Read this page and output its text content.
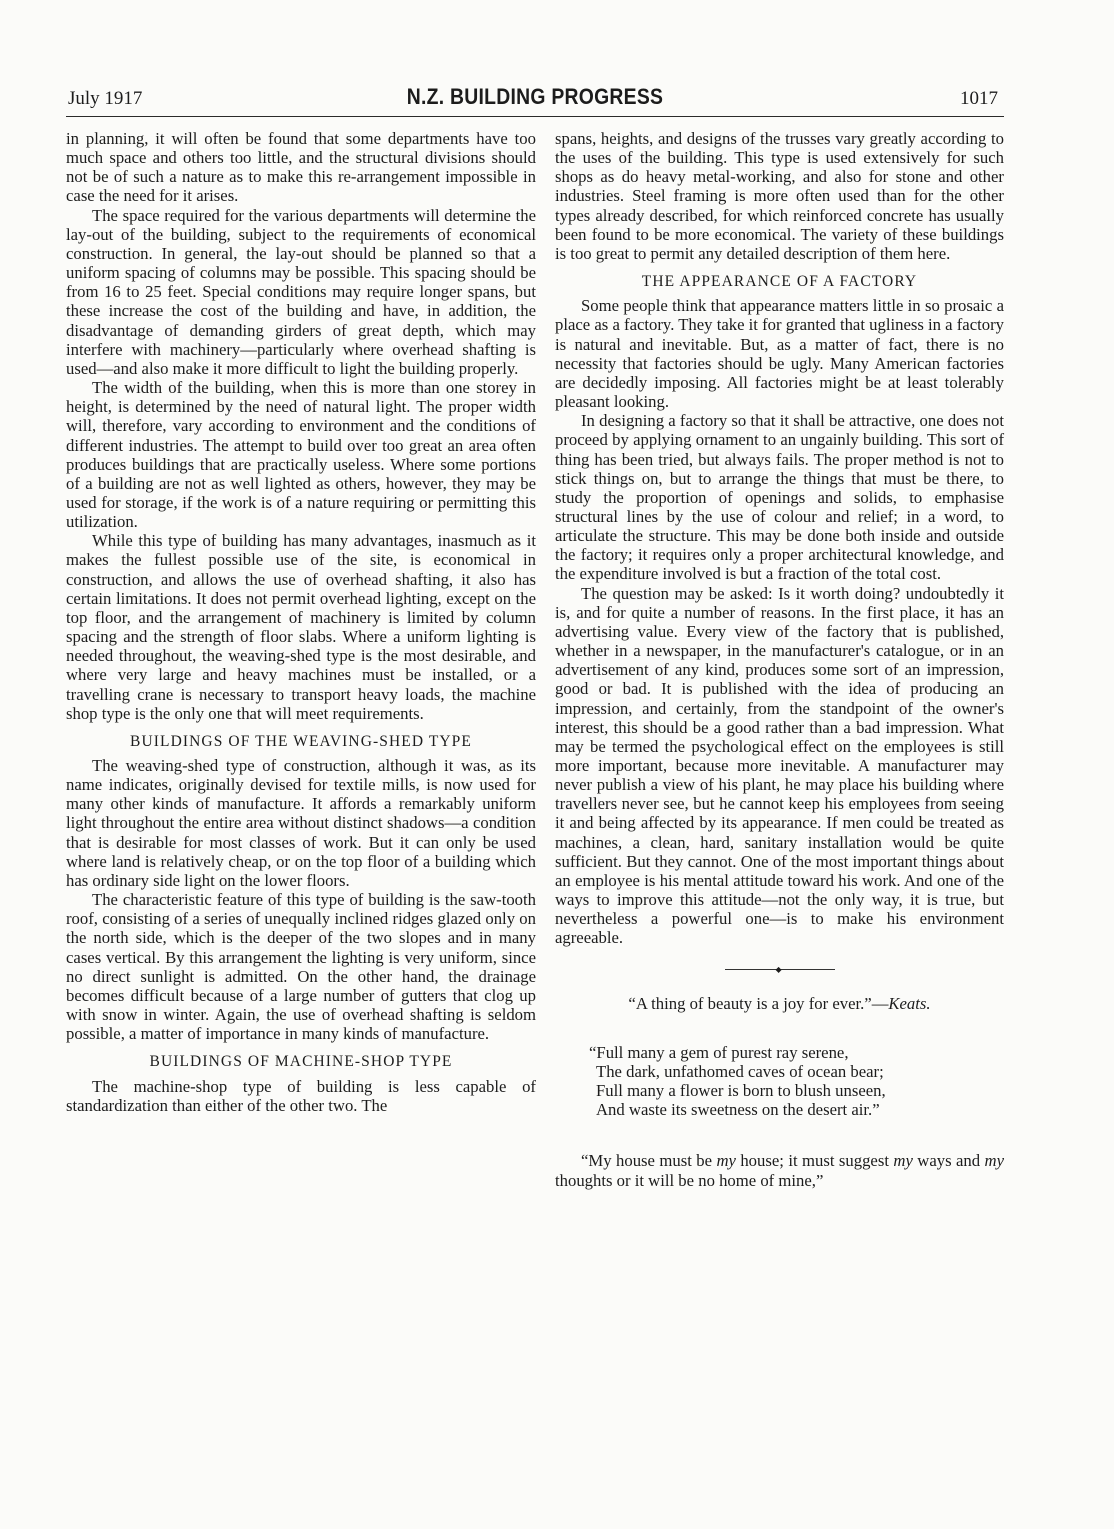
July 1917	N.Z. BUILDING PROGRESS	1017

in planning, it will often be found that some departments have too much space and others too little, and the structural divisions should not be of such a nature as to make this re-arrangement impossible in case the need for it arises.

The space required for the various departments will determine the lay-out of the building, subject to the requirements of economical construction. In general, the lay-out should be planned so that a uniform spacing of columns may be possible. This spacing should be from 16 to 25 feet. Special conditions may require longer spans, but these increase the cost of the building and have, in addition, the disadvantage of demanding girders of great depth, which may interfere with machinery—particularly where overhead shafting is used—and also make it more difficult to light the building properly.

The width of the building, when this is more than one storey in height, is determined by the need of natural light. The proper width will, therefore, vary according to environment and the conditions of different industries. The attempt to build over too great an area often produces buildings that are practically useless. Where some portions of a building are not as well lighted as others, however, they may be used for storage, if the work is of a nature requiring or permitting this utilization.

While this type of building has many advantages, inasmuch as it makes the fullest possible use of the site, is economical in construction, and allows the use of overhead shafting, it also has certain limitations. It does not permit overhead lighting, except on the top floor, and the arrangement of machinery is limited by column spacing and the strength of floor slabs. Where a uniform lighting is needed throughout, the weaving-shed type is the most desirable, and where very large and heavy machines must be installed, or a travelling crane is necessary to transport heavy loads, the machine shop type is the only one that will meet requirements.

BUILDINGS OF THE WEAVING-SHED TYPE

The weaving-shed type of construction, although it was, as its name indicates, originally devised for textile mills, is now used for many other kinds of manufacture. It affords a remarkably uniform light throughout the entire area without distinct shadows—a condition that is desirable for most classes of work. But it can only be used where land is relatively cheap, or on the top floor of a building which has ordinary side light on the lower floors.

The characteristic feature of this type of building is the saw-tooth roof, consisting of a series of unequally inclined ridges glazed only on the north side, which is the deeper of the two slopes and in many cases vertical. By this arrangement the lighting is very uniform, since no direct sunlight is admitted. On the other hand, the drainage becomes difficult because of a large number of gutters that clog up with snow in winter. Again, the use of overhead shafting is seldom possible, a matter of importance in many kinds of manufacture.

BUILDINGS OF MACHINE-SHOP TYPE

The machine-shop type of building is less capable of standardization than either of the other two. The

spans, heights, and designs of the trusses vary greatly according to the uses of the building. This type is used extensively for such shops as do heavy metal-working, and also for stone and other industries. Steel framing is more often used than for the other types already described, for which reinforced concrete has usually been found to be more economical. The variety of these buildings is too great to permit any detailed description of them here.

THE APPEARANCE OF A FACTORY

Some people think that appearance matters little in so prosaic a place as a factory. They take it for granted that ugliness in a factory is natural and inevitable. But, as a matter of fact, there is no necessity that factories should be ugly. Many American factories are decidedly imposing. All factories might be at least tolerably pleasant looking.

In designing a factory so that it shall be attractive, one does not proceed by applying ornament to an ungainly building. This sort of thing has been tried, but always fails. The proper method is not to stick things on, but to arrange the things that must be there, to study the proportion of openings and solids, to emphasise structural lines by the use of colour and relief; in a word, to articulate the structure. This may be done both inside and outside the factory; it requires only a proper architectural knowledge, and the expenditure involved is but a fraction of the total cost.

The question may be asked: Is it worth doing? undoubtedly it is, and for quite a number of reasons. In the first place, it has an advertising value. Every view of the factory that is published, whether in a newspaper, in the manufacturer's catalogue, or in an advertisement of any kind, produces some sort of an impression, good or bad. It is published with the idea of producing an impression, and certainly, from the standpoint of the owner's interest, this should be a good rather than a bad impression. What may be termed the psychological effect on the employees is still more important, because more inevitable. A manufacturer may never publish a view of his plant, he may place his building where travellers never see, but he cannot keep his employees from seeing it and being affected by its appearance. If men could be treated as machines, a clean, hard, sanitary installation would be quite sufficient. But they cannot. One of the most important things about an employee is his mental attitude toward his work. And one of the ways to improve this attitude—not the only way, it is true, but nevertheless a powerful one—is to make his environment agreeable.

◆

“A thing of beauty is a joy for ever.”—Keats.

“Full many a gem of purest ray serene,
The dark, unfathomed caves of ocean bear;
Full many a flower is born to blush unseen,
And waste its sweetness on the desert air.”

“My house must be my house; it must suggest my ways and my thoughts or it will be no home of mine,”
